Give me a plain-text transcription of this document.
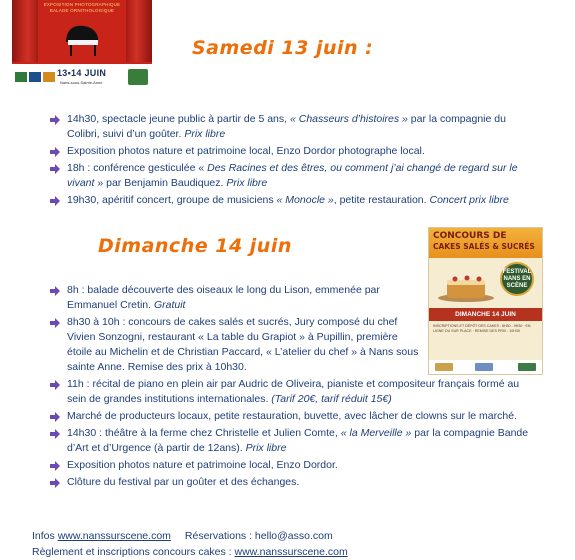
EXPOSITION PHOTOGRAPHIQUE
BALADE ORNITHOLOGIQUE
13•14 JUIN
Nans-sous-Sainte-Anne
Samedi 13 juin :
14h30, spectacle jeune public à partir de 5 ans, « Chasseurs d’histoires » par la compagnie du
Colibri, suivi d’un goûter. Prix libre
Exposition photos nature et patrimoine local, Enzo Dordor photographe local.
18h : conférence gesticulée « Des Racines et des êtres, ou comment j’ai changé de regard sur le
vivant » par Benjamin Baudiquez. Prix libre
19h30, apéritif concert, groupe de musiciens « Monocle », petite restauration. Concert prix libre
Dimanche 14 juin	CONCOURS DE
CAKES SALÉS & SUCRÉS
FESTIVAL NANS EN SCÈNE
DIMANCHE 14 JUIN
INSCRIPTIONS ET DÉPÔT DES CAKES : 8H30 - 9H30 · EN LIGNE OU SUR PLACE · REMISE DES PRIX : 10H30
8h : balade découverte des oiseaux le long du Lison, emmenée par
Emmanuel Cretin. Gratuit
8h30 à 10h : concours de cakes salés et sucrés, Jury composé du chef
Vivien Sonzogni, restaurant « La table du Grapiot » à Pupillin, première
étoile au Michelin et de Christian Paccard, « L’atelier du chef » à Nans sous
sainte Anne. Remise des prix à 10h30.
11h : récital de piano en plein air par Audric de Oliveira, pianiste et compositeur français formé au
sein de grandes institutions internationales. (Tarif 20€, tarif réduit 15€)
Marché de producteurs locaux, petite restauration, buvette, avec lâcher de clowns sur le marché.
14h30 : théâtre à la ferme chez Christelle et Julien Comte, « la Merveille » par la compagnie Bande
d’Art et d’Urgence (à partir de 12ans). Prix libre
Exposition photos nature et patrimoine local, Enzo Dordor.
Clôture du festival par un goûter et des échanges.
Infos www.nanssurscene.com Réservations : hello@asso.com
Règlement et inscriptions concours cakes : www.nanssurscene.com
